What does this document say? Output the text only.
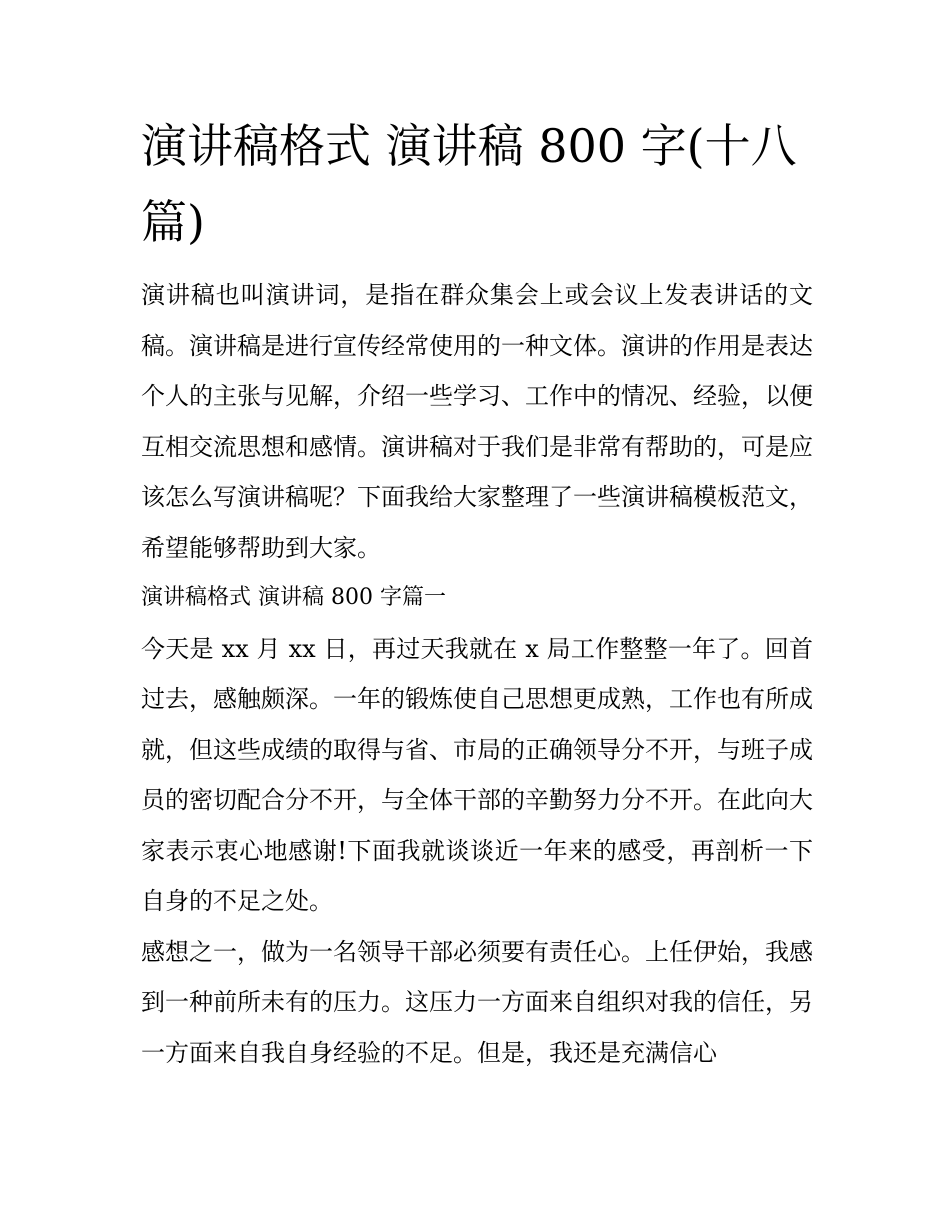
演讲稿格式 演讲稿 800 字(十八篇)

演讲稿也叫演讲词，是指在群众集会上或会议上发表讲话的文稿。演讲稿是进行宣传经常使用的一种文体。演讲的作用是表达个人的主张与见解，介绍一些学习、工作中的情况、经验，以便互相交流思想和感情。演讲稿对于我们是非常有帮助的，可是应该怎么写演讲稿呢？下面我给大家整理了一些演讲稿模板范文，希望能够帮助到大家。

演讲稿格式 演讲稿 800 字篇一

今天是 xx 月 xx 日，再过天我就在 x 局工作整整一年了。回首过去，感触颇深。一年的锻炼使自己思想更成熟，工作也有所成就，但这些成绩的取得与省、市局的正确领导分不开，与班子成员的密切配合分不开，与全体干部的辛勤努力分不开。在此向大家表示衷心地感谢!下面我就谈谈近一年来的感受，再剖析一下自身的不足之处。

感想之一，做为一名领导干部必须要有责任心。上任伊始，我感到一种前所未有的压力。这压力一方面来自组织对我的信任，另一方面来自我自身经验的不足。但是，我还是充满信心
